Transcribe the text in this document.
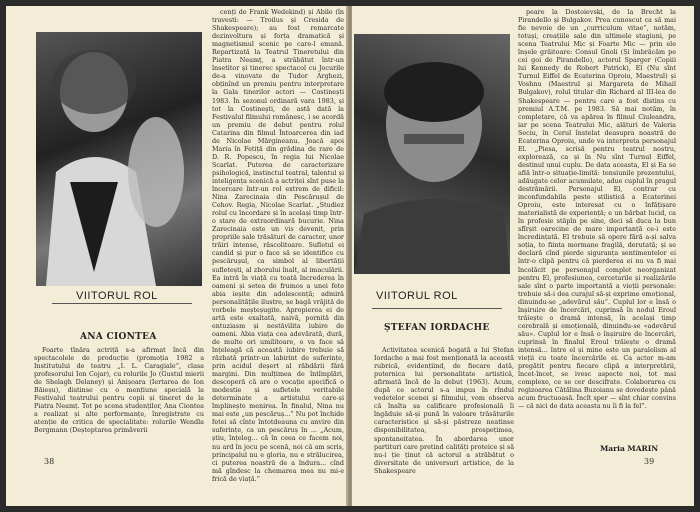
Foarte tînăra actriță s-a afirmat încă din spectacolele de producție (promoția 1982 a Institutului de teatru „I. L. Caragiale”, clasa profesorului Ion Cojar), cu rolurile Jo (Gustul mierii de Shelagh Delaney) și Anișoara (Iertarea de Ion Băieșu), distinse cu o mențiune specială la Festivalul teatrului pentru copii și tineret de la Piatra Neamț. Tot pe scena studenților, Ana Ciontea a realizat și alte performanțe, înregistrate cu atenție de critica de specialitate: rolurile Wendla Bergmann (Deșteptarea primăverii

cenți de Frank Wedekind) și Abile (în travesti: — Troilus și Cresida de Shakespeare); au fost remarcate dezinvoltura și forța dramatică și magnetismul scenic pe care-l emană. Repartizată la Teatrul Tineretului din Piatra Neamț, a străbătut într-un însetitor și tinerec spectacol cu Jocurile de-a vinovate de Tudor Arghezi, obținînd un premiu pentru interpretare la Gala tinerilor actori — Costinești 1983. În sezonul ordinară vara 1983, și tot la Costinești, de astă dată la Festivalul filmului românesc, i se acordă un premiu de debut pentru rolul Catarina din filmul Întoarcerea din iad de Nicolae Mărgineanu. Joacă apoi Maria în Fetiță din grădina de rare de D. R. Popescu, în regia lui Nicolae Scarlat. Puterea de caracterizare psihologică, instinctul teatral, talentul și inteligența scenică a actriței sînt puse la încercare într-un rol extrem de dificil: Nina Zarecinaia din Pescărușul de Cehov. Regia, Nicolae Scarlat. „Studiez rolul cu încordare și în același timp într-o stare de extraordinară bucurie. Nina Zarecinaia este un vis devenit, prin propriile sale trăsături de caracter, unor trăiri intense, răscolitoare. Sufletul ei candid și pur o face să se identifice cu pescărușul, ca simbol al libertății sufletești, al zborului înalt, al imaculării. Ea intră în viață cu toată încrederea în oameni și setea de frumos a unei fete abia ieșite din adolescență; admiră personalitățile ilustre, se bagă vrăjită de vorbele meșteșugite. Apropierea ei de artă este exaltată, naivă, pornită din entuziasm și nestăvilita iubire de oameni. Abia viața cea adevărată, dură, de multe ori umilitoare, o va face să înțeleagă că această iubire trebuie să răzbată printr-un labirint de suferințe, prin acidul deșert al răbdării fără margini. Din mulțimea de întîmplări, descoperă că are o vocație specifică o modestie și sufletele veritabile determinate a artistului care-și împlinește menirea. În finalul, Nina nu mai este „un pescăruș...” Nu pot închide fetei să cînte întotdeauna cu anvire din suferințe, ca un pescăruș în ... „Acum, știu, înțeleg... că în ceea ce facem noi, nu ard în jocu pe scenă, noi că am scris, principalul nu e gloria, nu e strălucirea, ci puterea noastră de a îndura... cînd mă gîndesc la chemarea mea nu mi-e frică de viață.”

VIITORUL ROL
ANA CIONTEA
38

Activitatea scenică bogată a lui Ștefan Iordache a mai fost menționată la această rubrică, evidențiind, de fiecare dată, puternica lui personalitate artistică, afirmată încă de la debut (1963). Acum, după ce actorul s-a impus în rîndul vedetelor scenei și filmului, vom observa că înalta sa calificare profesională îi îngăduie să-și pună în valoare trăsăturile caracteristice și să-și păstreze neatinse disponibilitatea, prospețimea, spontaneitatea. În abordarea unor partituri care pretind calități proteice și să nu-i ție ținut că actorul a străbătut o diversitate de universuri artistice, de la Shakespeare

peare la Dostoievski, de la Brecht la Pirandello și Bulgakov. Prea cunoscut ca să mai fie nevoie de un „curriculum vitae”, notăm, totuși, creațiile sale din ultimele stagiuni, pe scena Teatrului Mic și Foarte Mic — prin ele înșele grăitoare: Consul Gnoli (Și îmbrăcăm pe cei goi de Pirandello), actorul Sparger (Copiii lui Kennedy de Robert Patrick), El (Nu sînt Turnul Eiffel de Ecaterina Oproiu, Maestrul) și Voshnu (Maestrul și Margareta de Mihail Bulgakov), rolul titular din Richard al III-lea de Shakespeare — pentru care a fost distins cu premiul A.T.M. pe 1983. Să mai notăm, în completare, că va apărea în filmul Ciuleandra, iar pe scena Teatrului Mic, alături de Valeria Seciu, în Cerul înstelat deasupra noastră de Ecaterina Oproiu, unde va interpreta personajul El. „Piesa, scrisă pentru teatrul nostru, explorează, ca și în Nu sînt Turnul Eiffel, destinul unui cuplu. De data aceasta, El și Ea se află într-o situație-limită: tensiunile prezentului, adăugate celor acumulate, adue cuplul în pragul destrămării. Personajul El, contrar cu inconfundabila peste stilistică a Ecaterinei Oproiu, este interesat cu o înfățișare materialistă de experiență; e un bărbat lucid, ca în profesie stăpîn pe sine, deci să duca la bun sfîrșit oarecine de mare importanță ce-i este încredințată. El trebuie să opere fără a-și salva soția, to fiinta mormane fragilă, derutată; și se declară cînd pierde siguranța sentimentelor ei într-o clipă pentru că pierderea ei nu va fi mai încolăcit pe personajul complet neorganizat pentru El, profesiunea, cercetarile și realizările sale sînt o parte importantă a vieții personale: trebuie să-i dea curajul să-și exprime emoțional, dinuindu-se „adevărul său”. Cuplul lor e însă o înșiruire de încercări, cuprinsă în nodul Eroul trăiește o dramă intensă, în același timp cerebrală și emoțională, dinuindu-se «adevărul său». Cuplul lor e însă o înșiruire de încercări, cuprinsă în finalul Eroul trăiește o dramă intensă... între el și mine este un paralelism al vieții cu toate încercările ei. Ca actor m-am pregătit pentru fiecare clipă a interpretării, încet-încet, se ivesc aspecte noi, tot mai complexe, ce se cer descifrate. Colaborarea cu regizoarea Cătălina Buzoianu se dovedește până acum fructuoasă. Încît sper — sînt chiar convins — că nici de data aceasta nu îi fi la fel”.

VIITORUL ROL
ȘTEFAN IORDACHE
Maria MARIN
39
